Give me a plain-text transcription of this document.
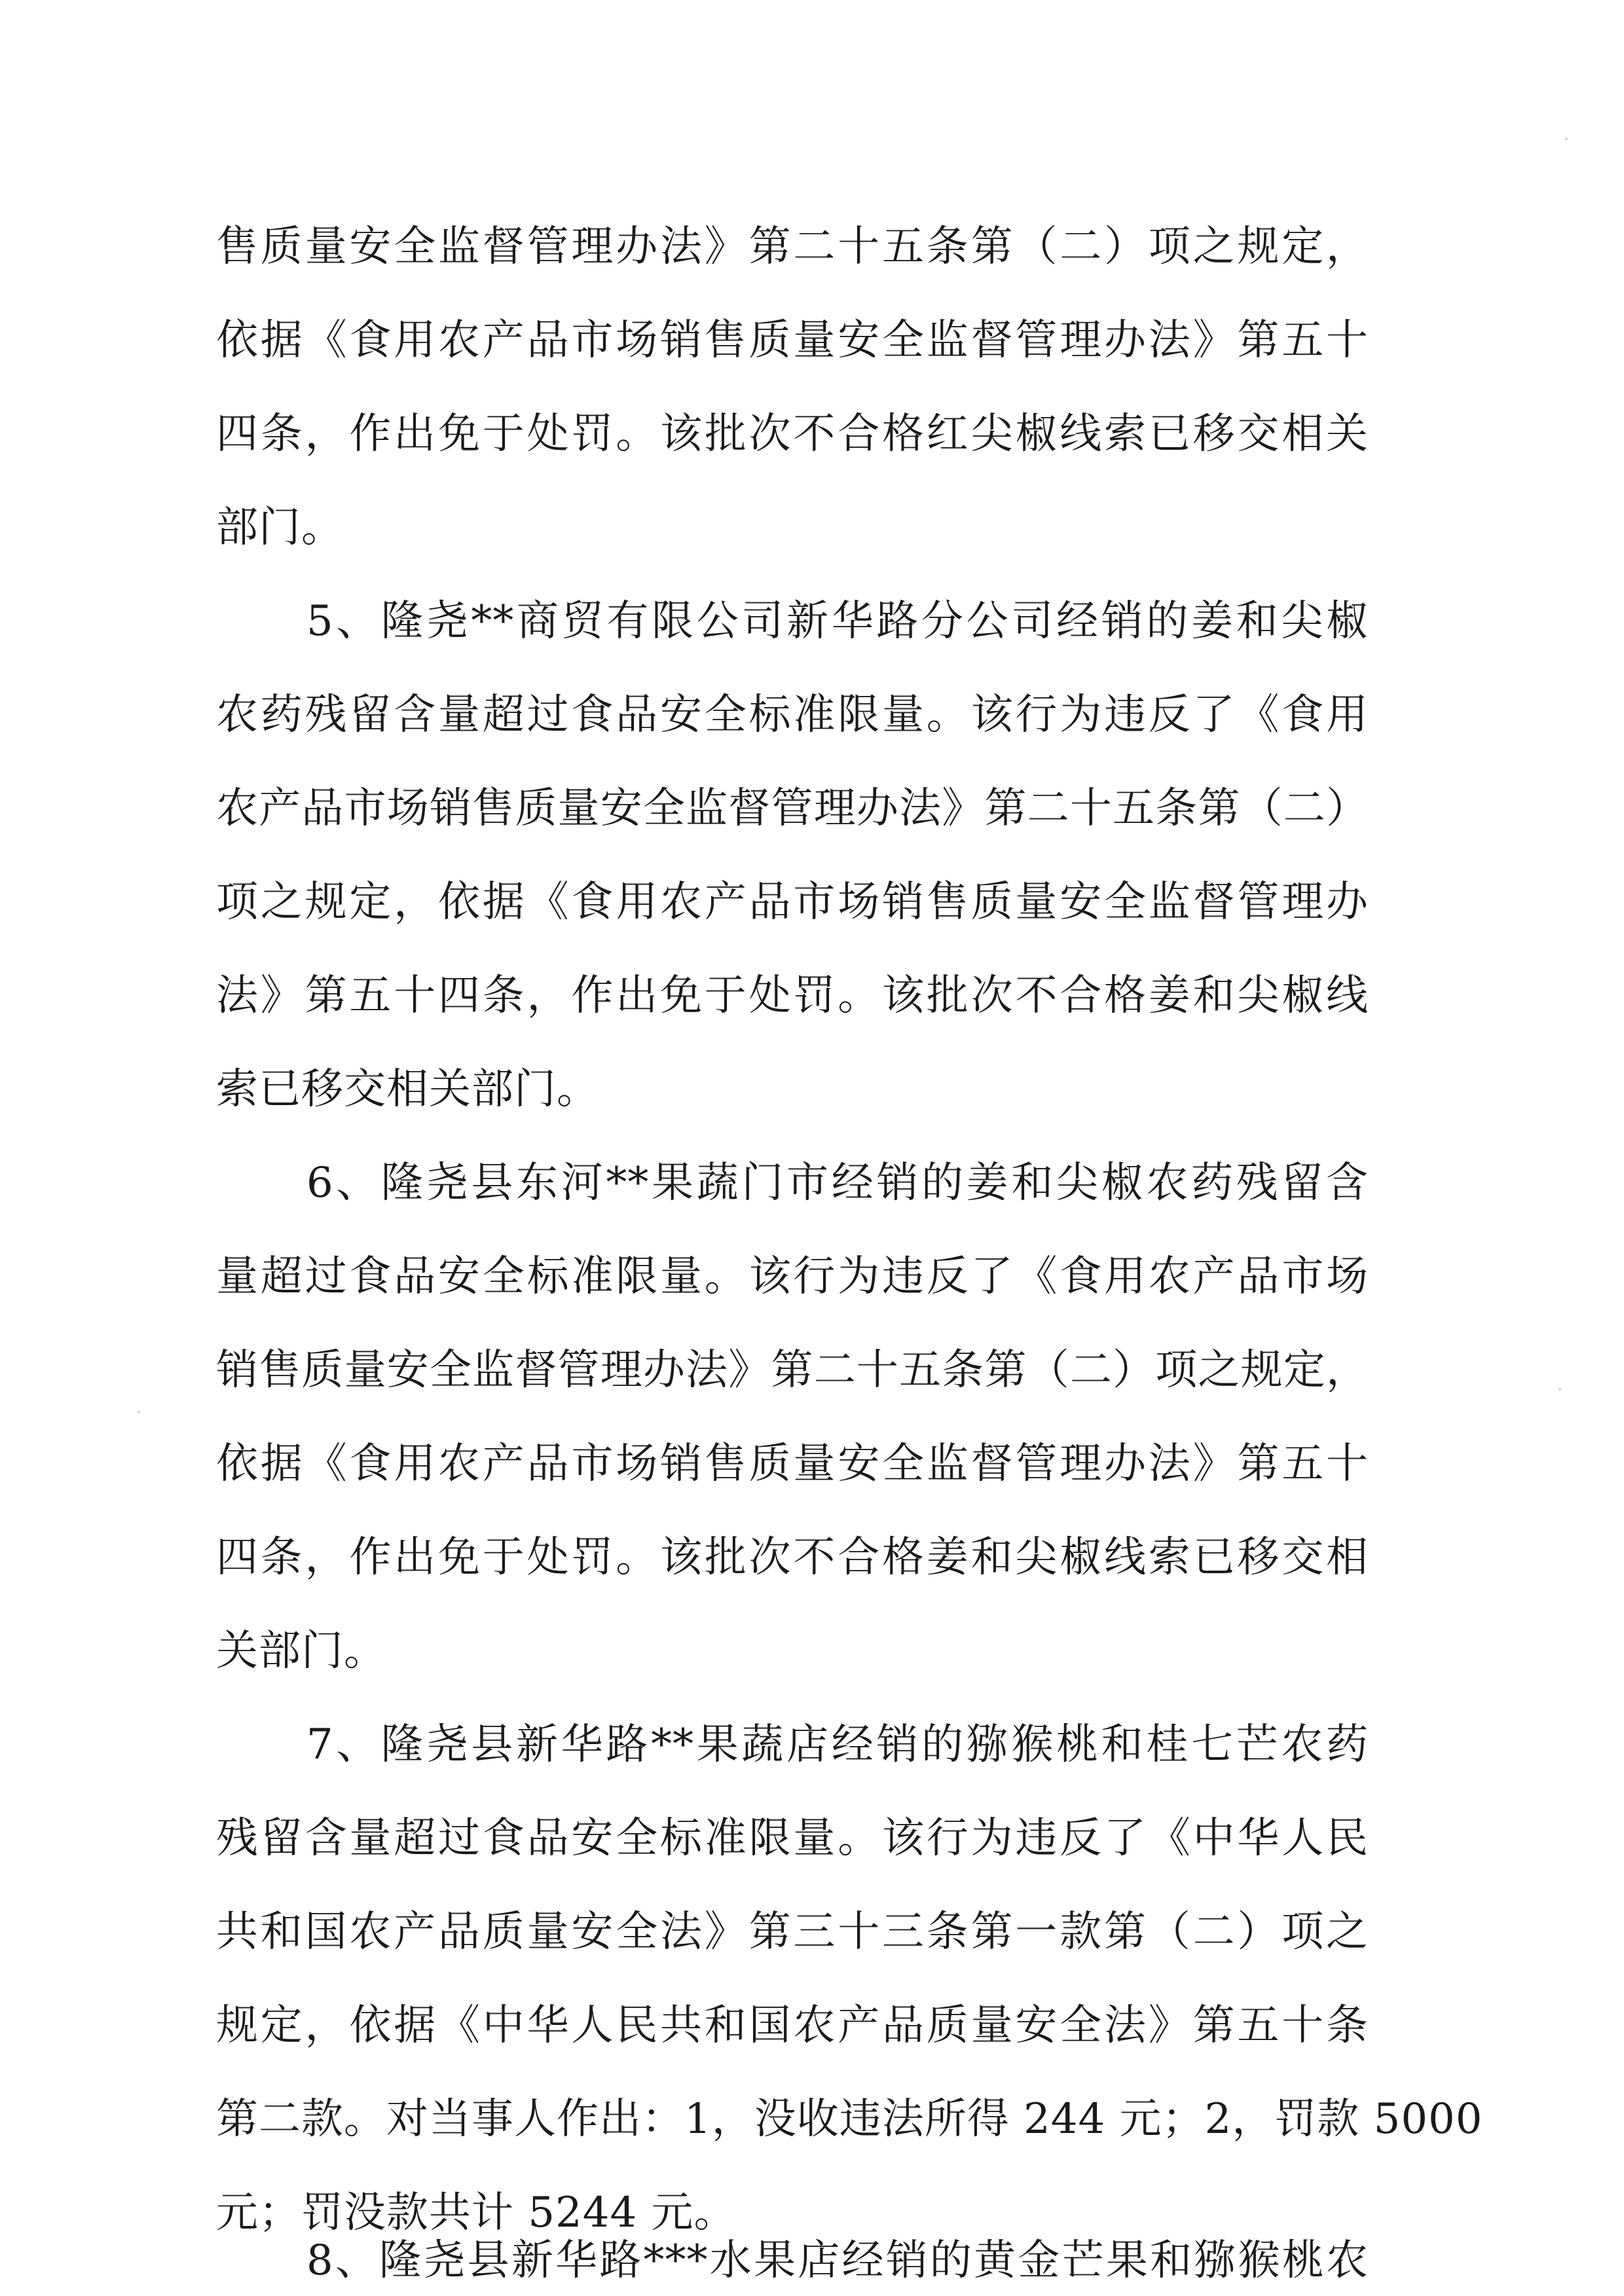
售质量安全监督管理办法》第二十五条第（二）项之规定，
依据《食用农产品市场销售质量安全监督管理办法》第五十
四条，作出免于处罚。该批次不合格红尖椒线索已移交相关
部门。
5、隆尧**商贸有限公司新华路分公司经销的姜和尖椒
农药残留含量超过食品安全标准限量。该行为违反了《食用
农产品市场销售质量安全监督管理办法》第二十五条第（二）
项之规定，依据《食用农产品市场销售质量安全监督管理办
法》第五十四条，作出免于处罚。该批次不合格姜和尖椒线
索已移交相关部门。
6、隆尧县东河**果蔬门市经销的姜和尖椒农药残留含
量超过食品安全标准限量。该行为违反了《食用农产品市场
销售质量安全监督管理办法》第二十五条第（二）项之规定，
依据《食用农产品市场销售质量安全监督管理办法》第五十
四条，作出免于处罚。该批次不合格姜和尖椒线索已移交相
关部门。
7、隆尧县新华路**果蔬店经销的猕猴桃和桂七芒农药
残留含量超过食品安全标准限量。该行为违反了《中华人民
共和国农产品质量安全法》第三十三条第一款第（二）项之
规定，依据《中华人民共和国农产品质量安全法》第五十条
第二款。对当事人作出：1，没收违法所得 244 元；2，罚款 5000
元；罚没款共计 5244 元。
8、隆尧县新华路***水果店经销的黄金芒果和猕猴桃农
